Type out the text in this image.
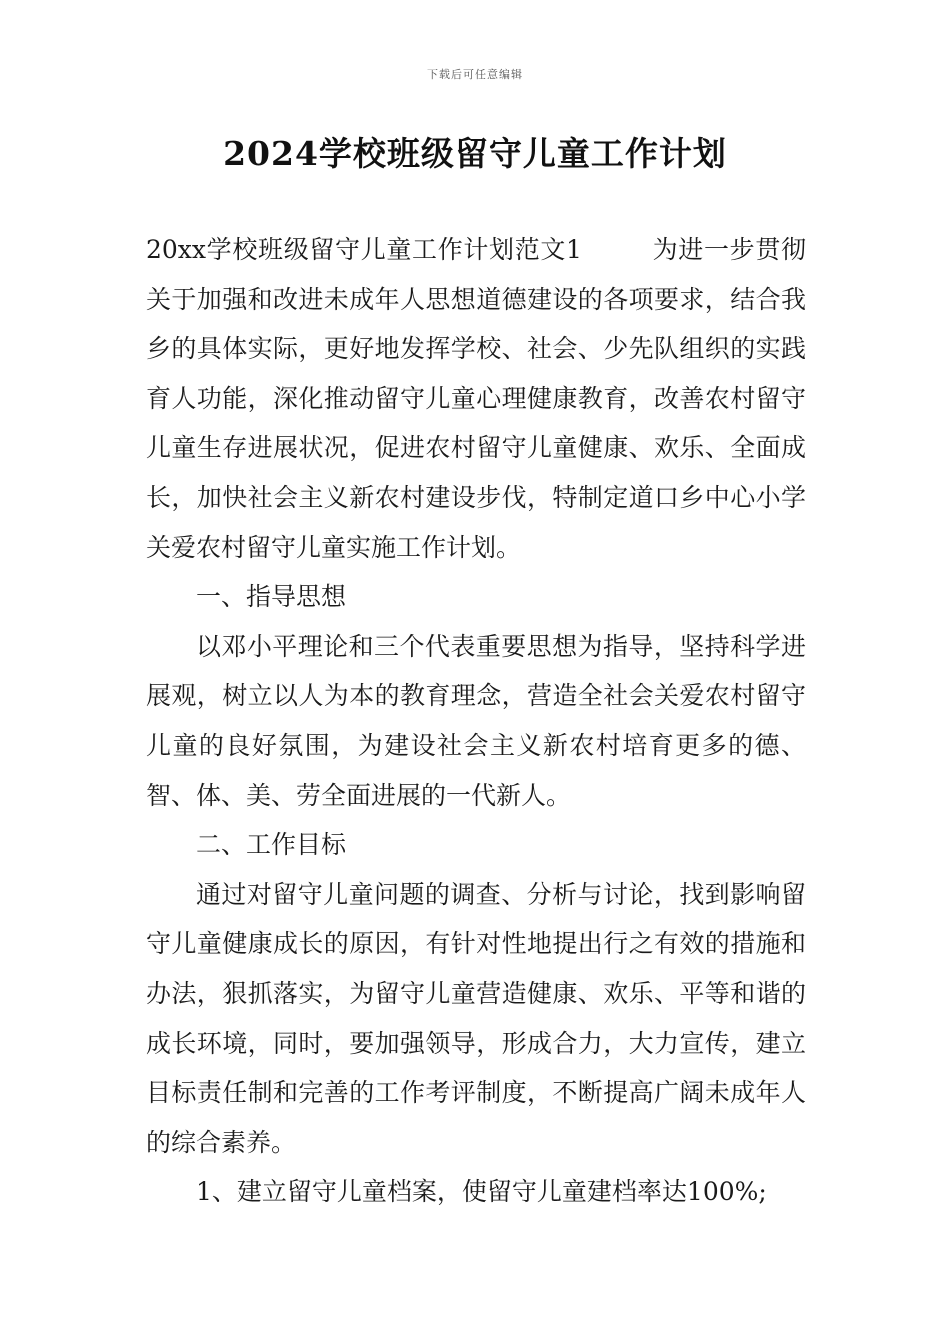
下载后可任意编辑
2024学校班级留守儿童工作计划

20xx学校班级留守儿童工作计划范文1	为进一步贯彻关于加强和改进未成年人思想道德建设的各项要求，结合我乡的具体实际，更好地发挥学校、社会、少先队组织的实践育人功能，深化推动留守儿童心理健康教育，改善农村留守儿童生存进展状况，促进农村留守儿童健康、欢乐、全面成长，加快社会主义新农村建设步伐，特制定道口乡中心小学关爱农村留守儿童实施工作计划。

一、指导思想

以邓小平理论和三个代表重要思想为指导，坚持科学进展观，树立以人为本的教育理念，营造全社会关爱农村留守儿童的良好氛围，为建设社会主义新农村培育更多的德、智、体、美、劳全面进展的一代新人。

二、工作目标

通过对留守儿童问题的调查、分析与讨论，找到影响留守儿童健康成长的原因，有针对性地提出行之有效的措施和办法，狠抓落实，为留守儿童营造健康、欢乐、平等和谐的成长环境，同时，要加强领导，形成合力，大力宣传，建立目标责任制和完善的工作考评制度，不断提高广阔未成年人的综合素养。

1、建立留守儿童档案，使留守儿童建档率达100%;
